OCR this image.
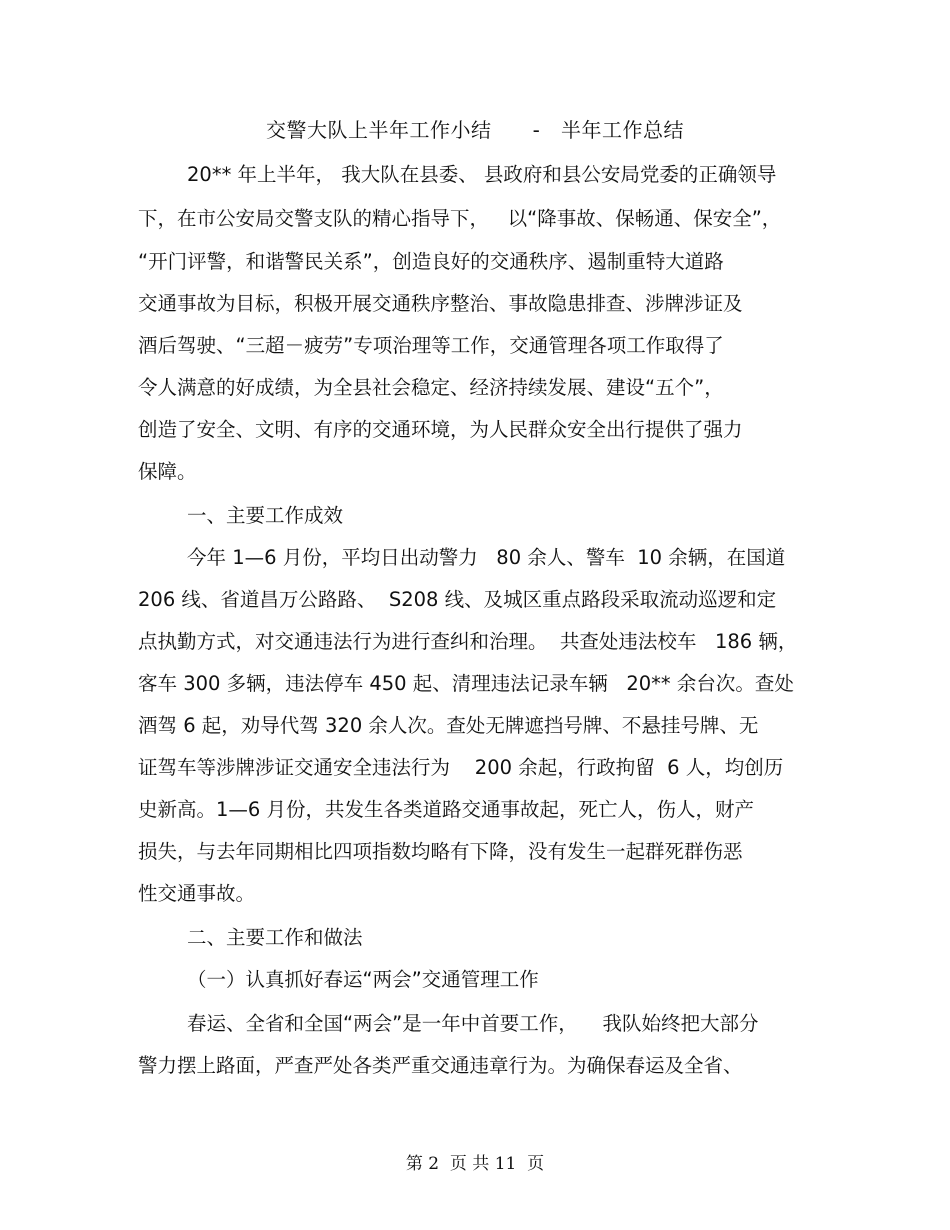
交警大队上半年工作小结      -   半年工作总结
20** 年上半年， 我大队在县委、 县政府和县公安局党委的正确领导
下，在市公安局交警支队的精心指导下，   以“降事故、保畅通、保安全”，
“开门评警，和谐警民关系”，创造良好的交通秩序、遏制重特大道路
交通事故为目标，积极开展交通秩序整治、事故隐患排查、涉牌涉证及
酒后驾驶、“三超－疲劳”专项治理等工作，交通管理各项工作取得了
令人满意的好成绩，为全县社会稳定、经济持续发展、建设“五个”，
创造了安全、文明、有序的交通环境，为人民群众安全出行提供了强力
保障。
一、主要工作成效
今年 1—6 月份，平均日出动警力   80 余人、警车  10 余辆，在国道
206 线、省道昌万公路路、  S208 线、及城区重点路段采取流动巡逻和定
点执勤方式，对交通违法行为进行查纠和治理。  共查处违法校车   186 辆，
客车 300 多辆，违法停车 450 起、清理违法记录车辆   20** 余台次。查处
酒驾 6 起，劝导代驾 320 余人次。查处无牌遮挡号牌、不悬挂号牌、无
证驾车等涉牌涉证交通安全违法行为    200 余起，行政拘留  6 人，均创历
史新高。1—6 月份，共发生各类道路交通事故起，死亡人，伤人，财产
损失，与去年同期相比四项指数均略有下降，没有发生一起群死群伤恶
性交通事故。
二、主要工作和做法
（一）认真抓好春运“两会”交通管理工作
春运、全省和全国“两会”是一年中首要工作，    我队始终把大部分
警力摆上路面，严查严处各类严重交通违章行为。为确保春运及全省、
第 2  页 共 11  页
